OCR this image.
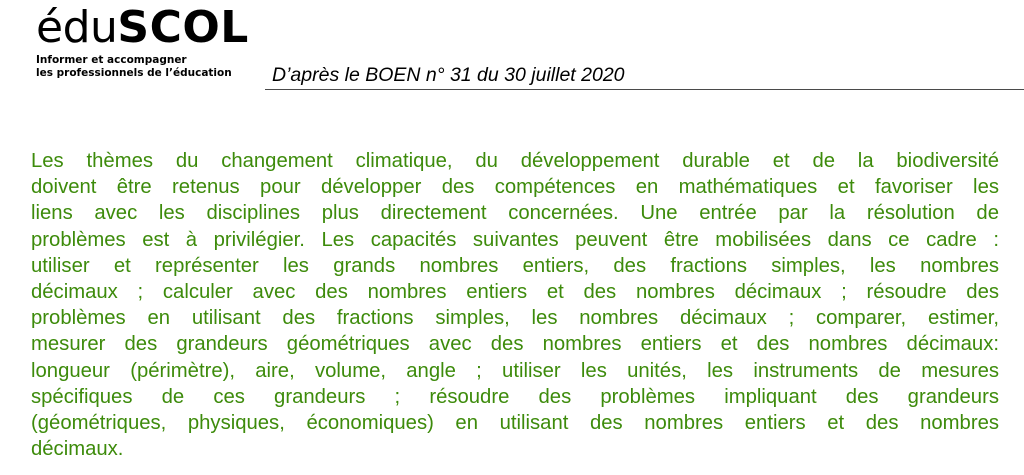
éduSCOL
Informer et accompagner
les professionnels de l’éducation D’après le BOEN n° 31 du 30 juillet 2020
Les thèmes du changement climatique, du développement durable et de la biodiversité
doivent être retenus pour développer des compétences en mathématiques et favoriser les
liens avec les disciplines plus directement concernées. Une entrée par la résolution de
problèmes est à privilégier. Les capacités suivantes peuvent être mobilisées dans ce cadre :
utiliser et représenter les grands nombres entiers, des fractions simples, les nombres
décimaux ; calculer avec des nombres entiers et des nombres décimaux ; résoudre des
problèmes en utilisant des fractions simples, les nombres décimaux ; comparer, estimer,
mesurer des grandeurs géométriques avec des nombres entiers et des nombres décimaux:
longueur (périmètre), aire, volume, angle ; utiliser les unités, les instruments de mesures
spécifiques de ces grandeurs ; résoudre des problèmes impliquant des grandeurs
(géométriques, physiques, économiques) en utilisant des nombres entiers et des nombres
décimaux.
